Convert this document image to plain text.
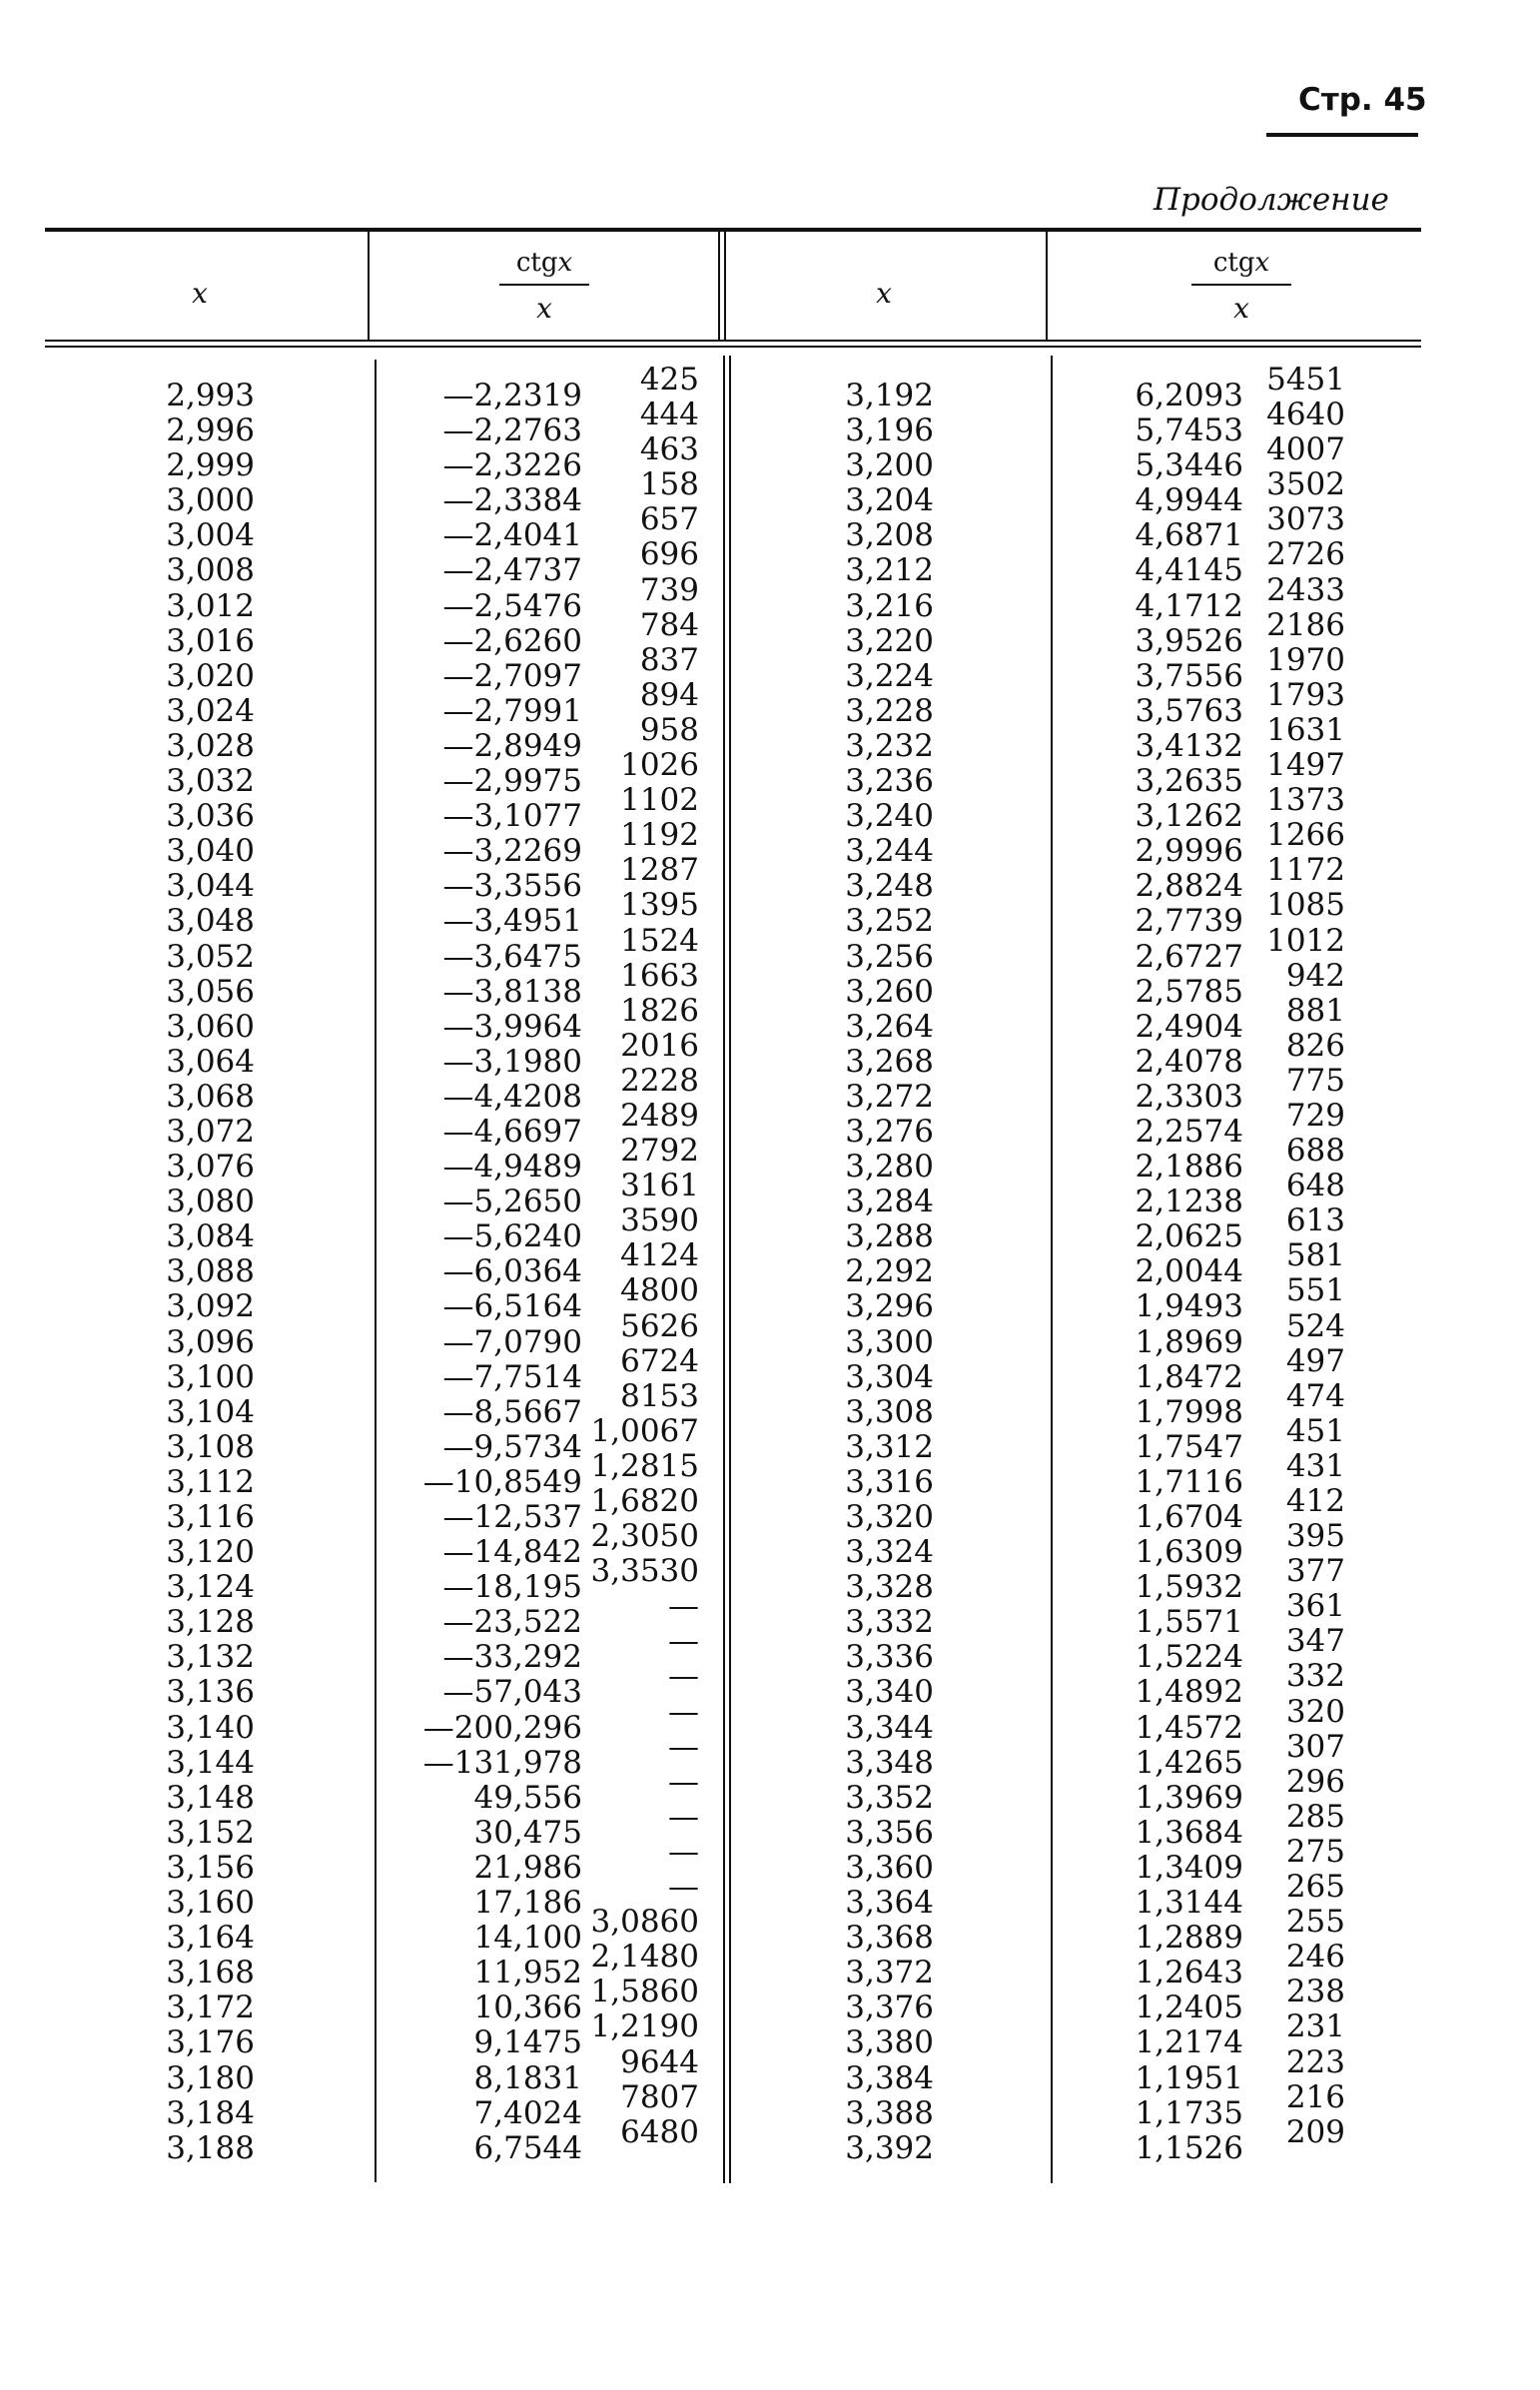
Стр. 45
Продолжение
x
ctgx
x	x
ctgx
x
2,993
2,996
2,999
3,000
3,004
3,008
3,012
3,016
3,020
3,024
3,028
3,032
3,036
3,040
3,044
3,048
3,052
3,056
3,060
3,064
3,068
3,072
3,076
3,080
3,084
3,088
3,092
3,096
3,100
3,104
3,108
3,112
3,116
3,120
3,124
3,128
3,132
3,136
3,140
3,144
3,148
3,152
3,156
3,160
3,164
3,168
3,172
3,176
3,180
3,184
3,188
—2,2319
—2,2763
—2,3226
—2,3384
—2,4041
—2,4737
—2,5476
—2,6260
—2,7097
—2,7991
—2,8949
—2,9975
—3,1077
—3,2269
—3,3556
—3,4951
—3,6475
—3,8138
—3,9964
—3,1980
—4,4208
—4,6697
—4,9489
—5,2650
—5,6240
—6,0364
—6,5164
—7,0790
—7,7514
—8,5667
—9,5734
—10,8549
—12,537
—14,842
—18,195
—23,522
—33,292
—57,043
—200,296
—131,978
49,556
30,475
21,986
17,186
14,100
11,952
10,366
9,1475
8,1831
7,4024
6,7544
425
444
463
158
657
696
739
784
837
894
958
1026
1102
1192
1287
1395
1524
1663
1826
2016
2228
2489
2792
3161
3590
4124
4800
5626
6724
8153
1,0067
1,2815
1,6820
2,3050
3,3530
—
—
—
—
—
—
—
—
—
3,0860
2,1480
1,5860
1,2190
9644
7807
6480
3,192
3,196
3,200
3,204
3,208
3,212
3,216
3,220
3,224
3,228
3,232
3,236
3,240
3,244
3,248
3,252
3,256
3,260
3,264
3,268
3,272
3,276
3,280
3,284
3,288
2,292
3,296
3,300
3,304
3,308
3,312
3,316
3,320
3,324
3,328
3,332
3,336
3,340
3,344
3,348
3,352
3,356
3,360
3,364
3,368
3,372
3,376
3,380
3,384
3,388
3,392
6,2093
5,7453
5,3446
4,9944
4,6871
4,4145
4,1712
3,9526
3,7556
3,5763
3,4132
3,2635
3,1262
2,9996
2,8824
2,7739
2,6727
2,5785
2,4904
2,4078
2,3303
2,2574
2,1886
2,1238
2,0625
2,0044
1,9493
1,8969
1,8472
1,7998
1,7547
1,7116
1,6704
1,6309
1,5932
1,5571
1,5224
1,4892
1,4572
1,4265
1,3969
1,3684
1,3409
1,3144
1,2889
1,2643
1,2405
1,2174
1,1951
1,1735
1,1526
5451
4640
4007
3502
3073
2726
2433
2186
1970
1793
1631
1497
1373
1266
1172
1085
1012
942
881
826
775
729
688
648
613
581
551
524
497
474
451
431
412
395
377
361
347
332
320
307
296
285
275
265
255
246
238
231
223
216
209
